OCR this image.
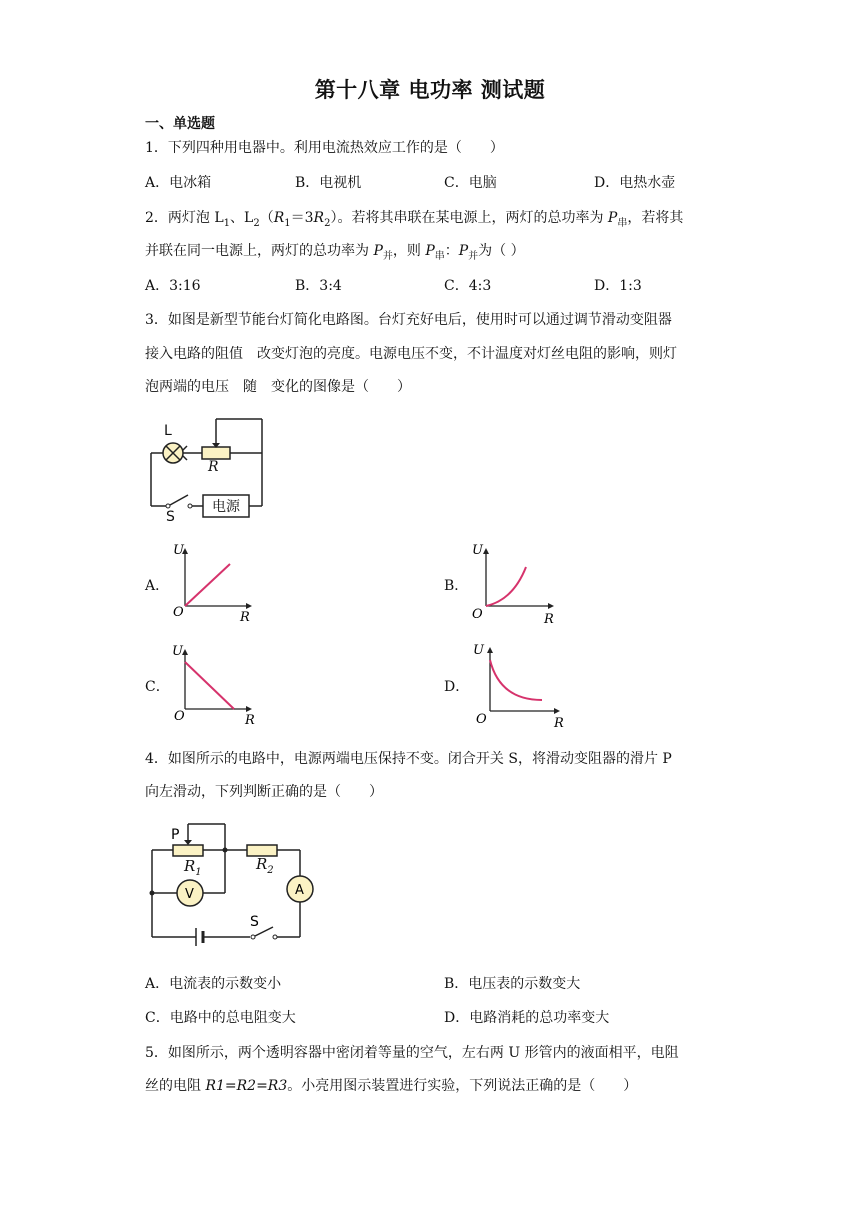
第十八章 电功率 测试题
一、单选题
1．下列四种用电器中。利用电流热效应工作的是（　　）
A．电冰箱	B．电视机	C．电脑	D．电热水壶
2．两灯泡 $L_1$、$L_2(R_1=3R_2)$。若将其串联在某电源上，两灯的总功率为 $P_串$，若将其
并联在同一电源上，两灯的总功率为 $P_并$，则 $P_串$：$P_并$为（ ）
A．3:16	B．3:4	C．4:3	D．1:3
3．如图是新型节能台灯简化电路图。台灯充好电后，使用时可以通过调节滑动变阻器
接入电路的阻值　改变灯泡的亮度。电源电压不变，不计温度对灯丝电阻的影响，则灯
泡两端的电压　随　变化的图像是（　　）
L
R
S
电源
A．	B．
C．	D．
U
O	R
U
O	R
U
O	R
U
O	R
4．如图所示的电路中，电源两端电压保持不变。闭合开关 S，将滑动变阻器的滑片 P
向左滑动，下列判断正确的是（　　）
V	A
P
S
$R_1$	$R_2$
A．电流表的示数变小	B．电压表的示数变大
C．电路中的总电阻变大	D．电路消耗的总功率变大
5．如图所示，两个透明容器中密闭着等量的空气，左右两 U 形管内的液面相平，电阻
丝的电阻 R1=R2=R3。小亮用图示装置进行实验，下列说法正确的是（　　）
